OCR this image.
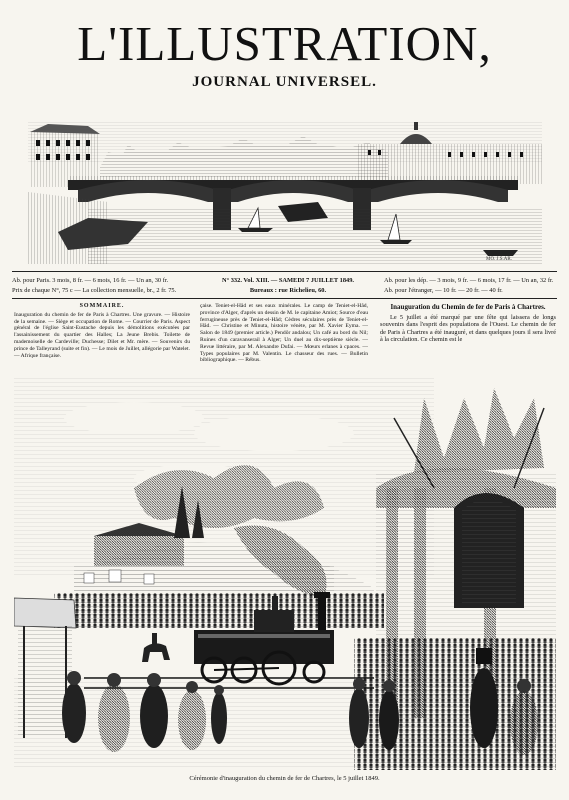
L'ILLUSTRATION,
JOURNAL UNIVERSEL.
MO. J.S.AR.
Ab. pour Paris. 3 mois, 8 fr. — 6 mois, 16 fr. — Un an, 30 fr.
Prix de chaque N°, 75 c — La collection mensuelle, br., 2 fr. 75.
N° 332. Vol. XIII. — SAMEDI 7 JUILLET 1849.
Bureaux : rue Richelieu, 60.
Ab. pour les dép. — 3 mois, 9 fr. — 6 mois, 17 fr. — Un an, 32 fr.
Ab. pour l'étranger, — 10 fr. — 20 fr. — 40 fr.
SOMMAIRE.
Inauguration du chemin de fer de Paris à Chartres. Une gravure. — Histoire de la semaine. — Siège et occupation de Rome. — Courrier de Paris. Aspect général de l'église Saint-Eustache depuis les démolitions exécutées par l'assainissement du quartier des Halles; La Jeune Brebis. Toilette de mademoiselle de Cardeville; Duchesse; Dilet et Mr. mère. — Souvenirs du prince de Talleyrand (suite et fin). — Le mois de Juillet, allégorie par Watelet. — Afrique française.
çaise. Teniet-el-Hâd et ses eaux minérales. Le camp de Teniet-el-Hâd, province d'Alger, d'après un dessin de M. le capitaine Amiot; Source d'eau ferrugineuse près de Teniet-el-Hâd; Cèdres séculaires près de Teniet-el-Hâd. — Christine et Minuta, histoire vénète, par M. Xavier Eyma. — Salon de 1849 (premier article.) Pendôr andalou; Un café au bord du Nil; Ruines d'un caravanserail à Alger; Un duel au dix-septième siècle. — Revue littéraire, par M. Alexandre Dufai. — Mœurs erlanes à cpaces. — Types populaires par M. Valentin. Le chasseur des rues. — Bulletin bibliographique. — Rébus.
Inauguration du Chemin de fer de Paris à Chartres.
Le 5 juillet a été marqué par une fête qui laissera de longs souvenirs dans l'esprit des populations de l'Ouest. Le chemin de fer de Paris à Chartres a été inauguré, et dans quelques jours il sera livré à la circulation. Ce chemin est le
Cérémonie d'inauguration du chemin de fer de Chartres, le 5 juillet 1849.
